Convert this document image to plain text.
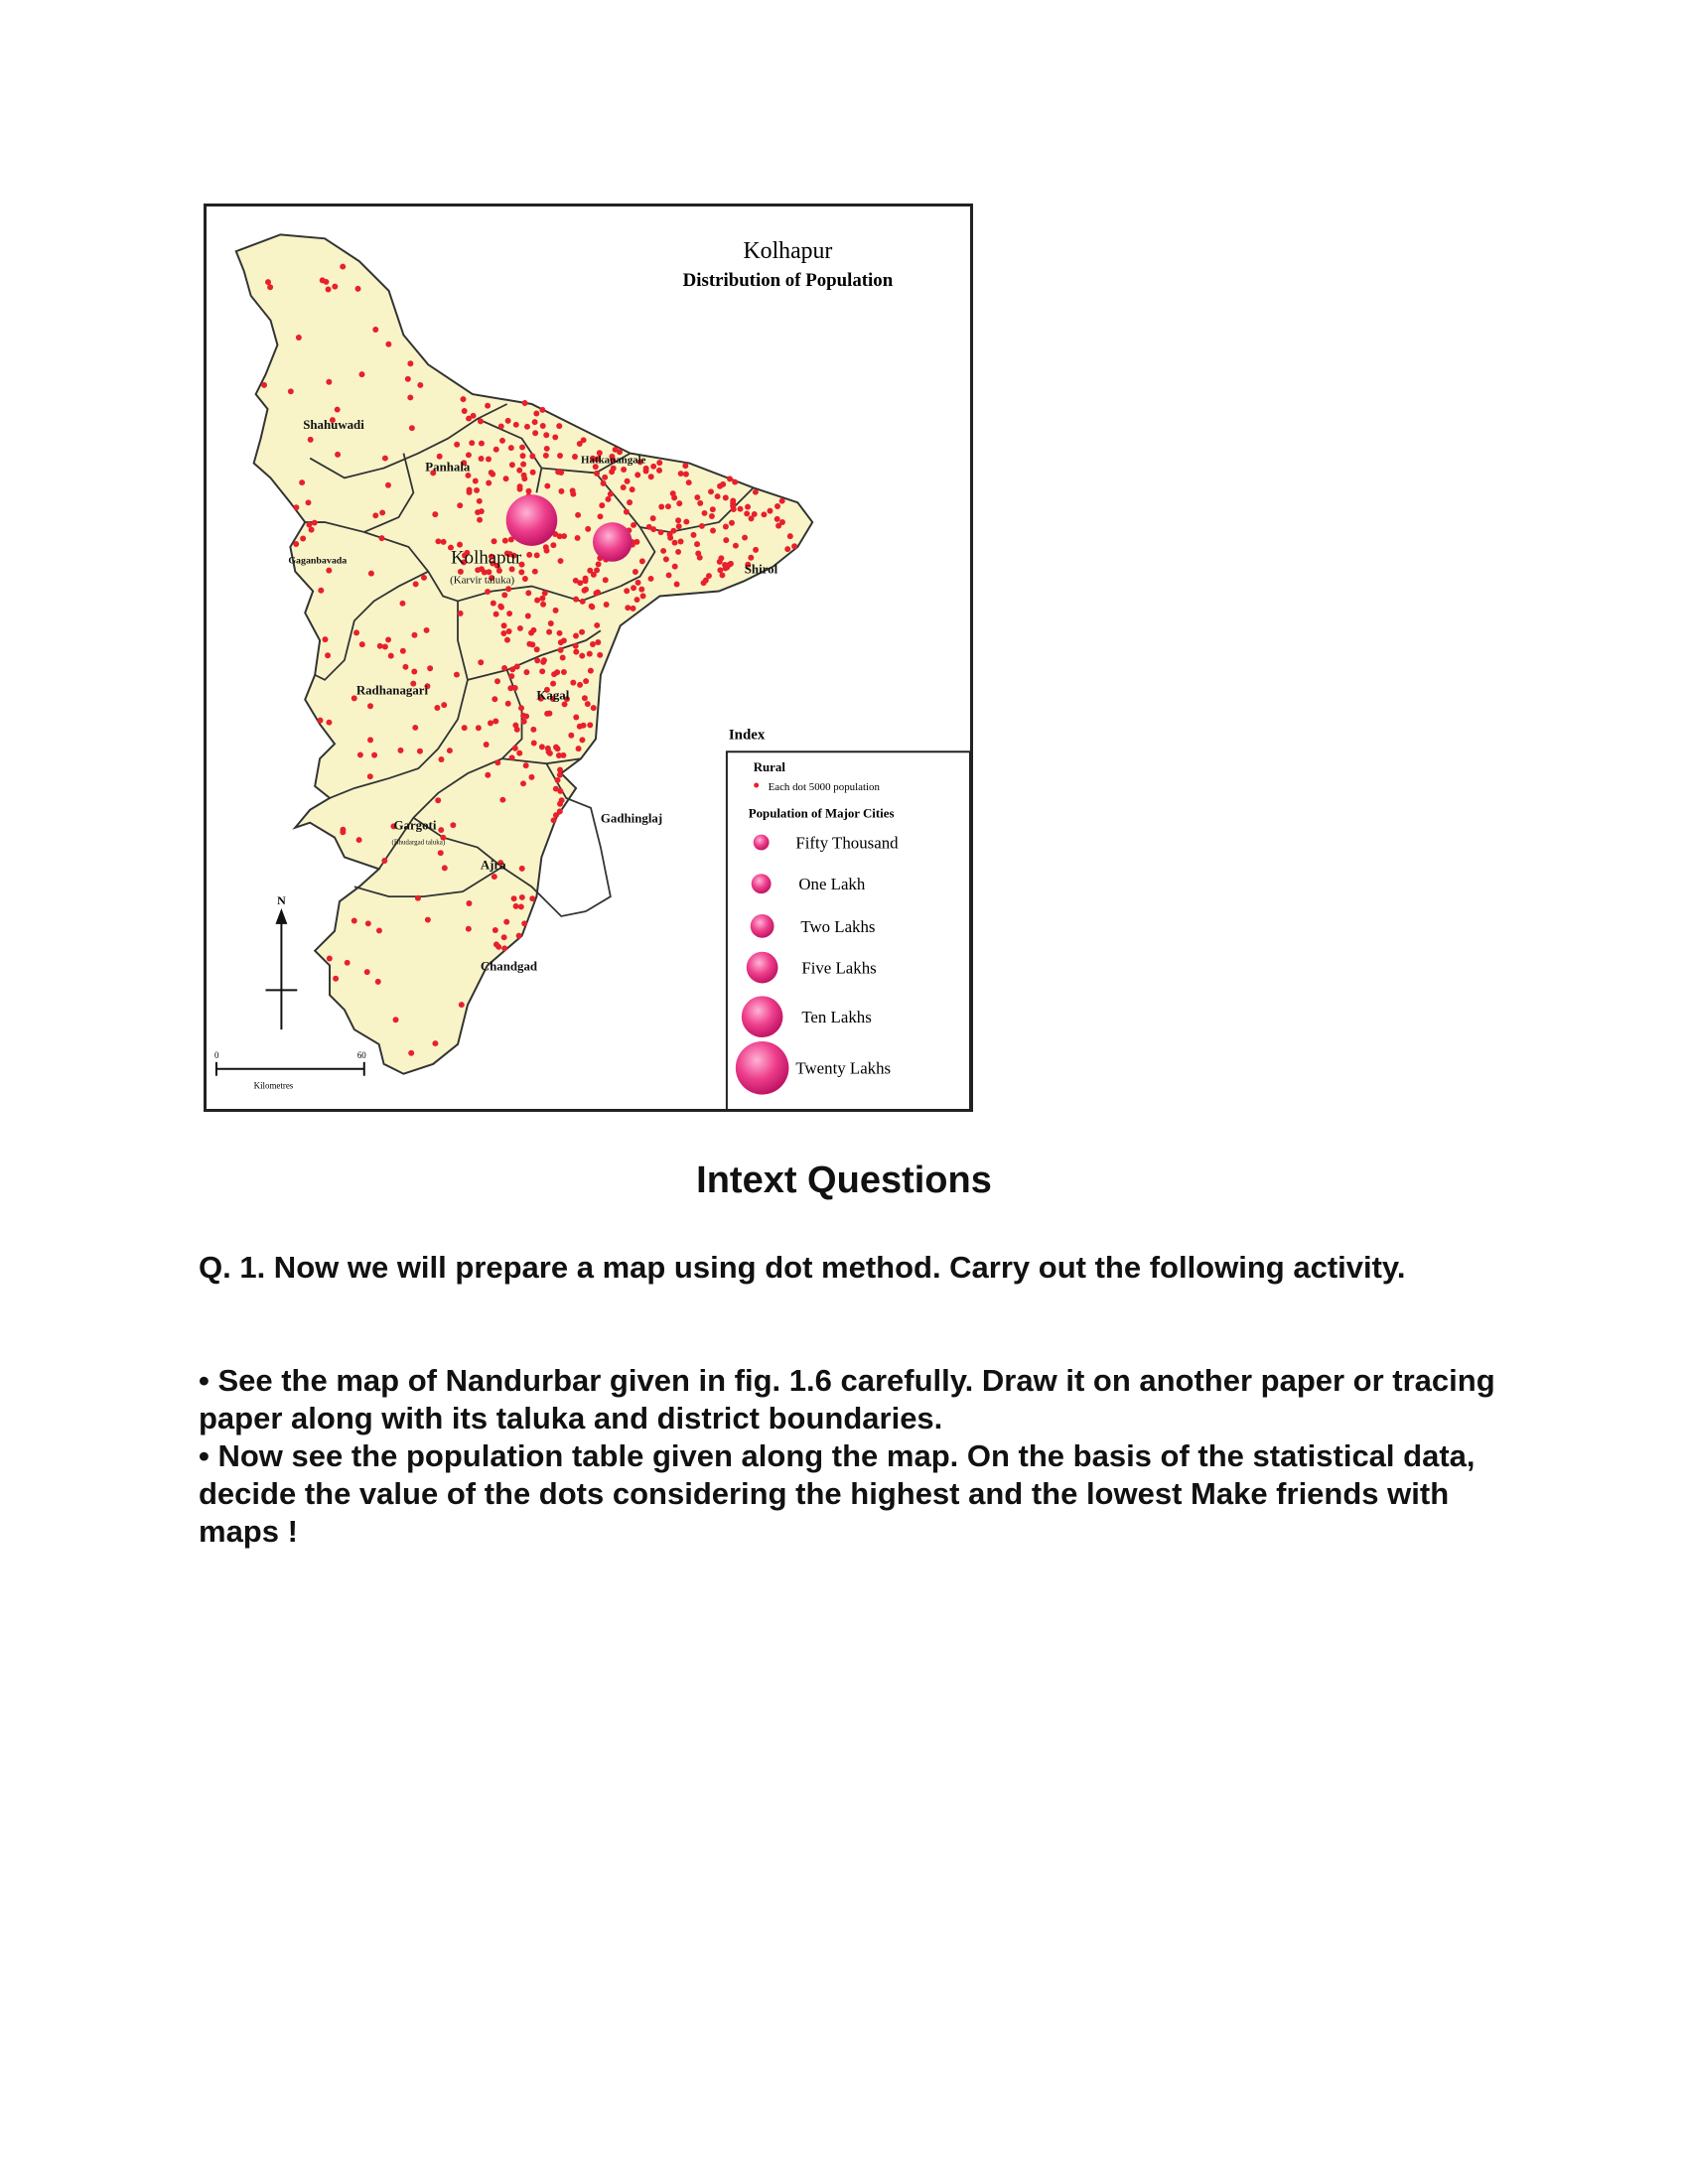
Kolhapur
Distribution of Population
Shahuwadi
Panhala	Hatkanangale
Shirol
Gaganbavada	Kolhapur
(Karvir taluka)
Radhanagari	Kagal
Gargoti
(Bhudargad taluka)
Ajra
Gadhinglaj
Chandgad
N
0	60
Kilometres
Index
Rural
Each dot 5000 population
Population of Major Cities
Fifty Thousand
One Lakh
Two Lakhs
Five Lakhs
Ten Lakhs
Twenty Lakhs
Intext Questions

Q. 1. Now we will prepare a map using dot method. Carry out the following activity.

• See the map of Nandurbar given in fig. 1.6 carefully. Draw it on another paper or tracing paper along with its taluka and district boundaries.

• Now see the population table given along the map. On the basis of the statistical data, decide the value of the dots considering the highest and the lowest Make friends with maps !
